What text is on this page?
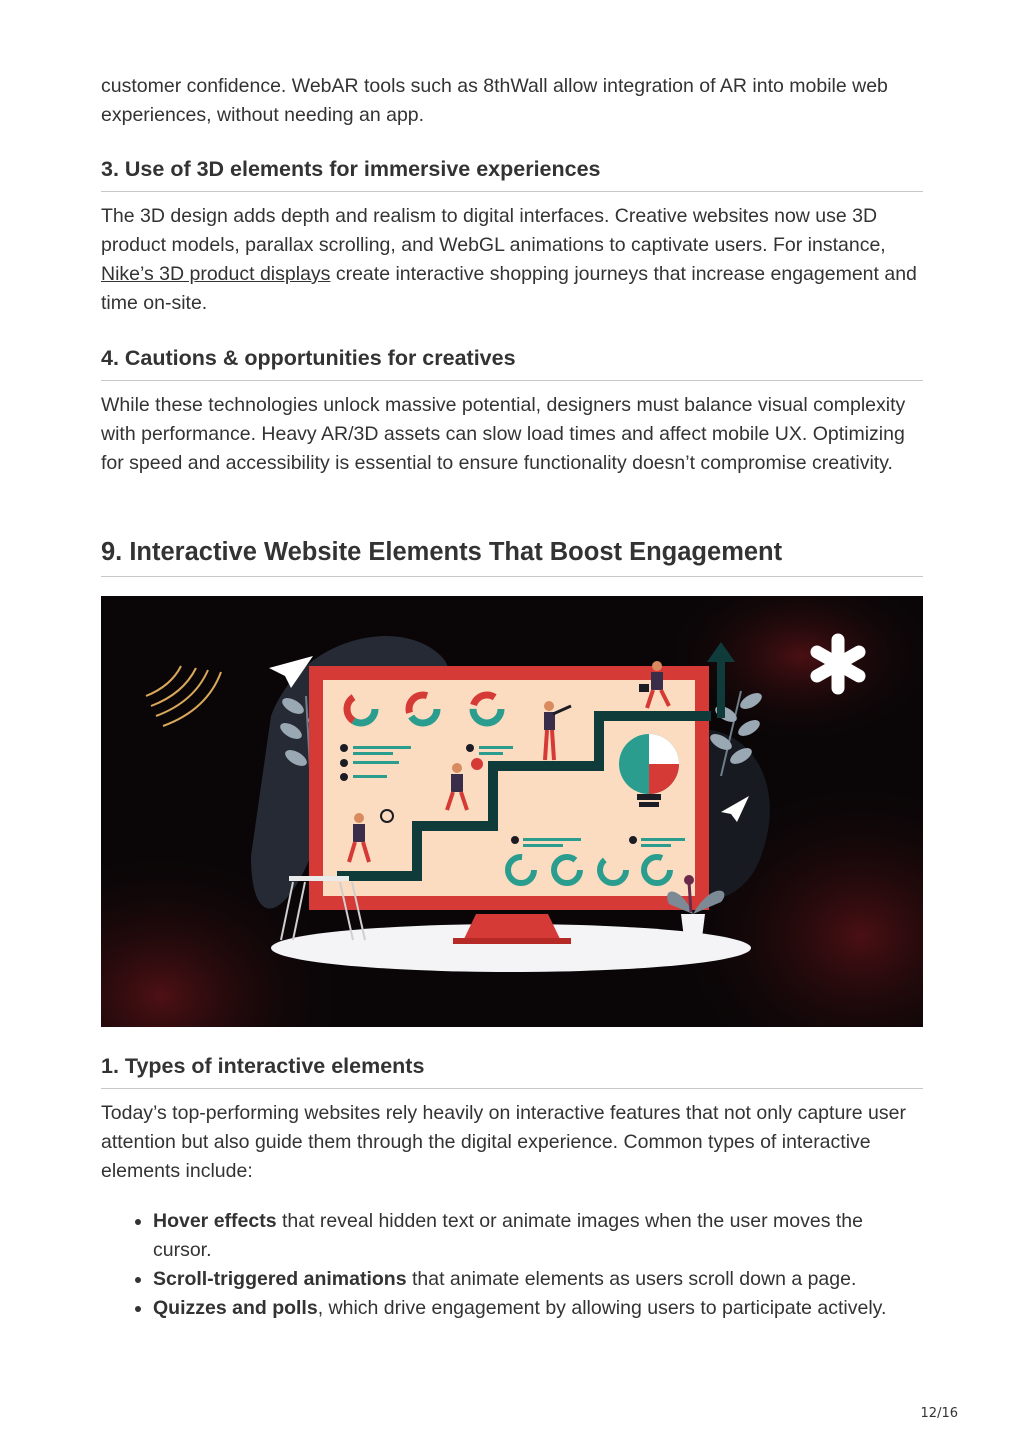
customer confidence. WebAR tools such as 8thWall allow integration of AR into mobile web experiences, without needing an app.

3. Use of 3D elements for immersive experiences

The 3D design adds depth and realism to digital interfaces. Creative websites now use 3D product models, parallax scrolling, and WebGL animations to captivate users. For instance, Nike’s 3D product displays create interactive shopping journeys that increase engagement and time on-site.

4. Cautions & opportunities for creatives

While these technologies unlock massive potential, designers must balance visual complexity with performance. Heavy AR/3D assets can slow load times and affect mobile UX. Optimizing for speed and accessibility is essential to ensure functionality doesn’t compromise creativity.

9. Interactive Website Elements That Boost Engagement
1. Types of interactive elements

Today’s top-performing websites rely heavily on interactive features that not only capture user attention but also guide them through the digital experience. Common types of interactive elements include:

• Hover effects that reveal hidden text or animate images when the user moves the cursor.
• Scroll-triggered animations that animate elements as users scroll down a page.
• Quizzes and polls, which drive engagement by allowing users to participate actively.
12/16
